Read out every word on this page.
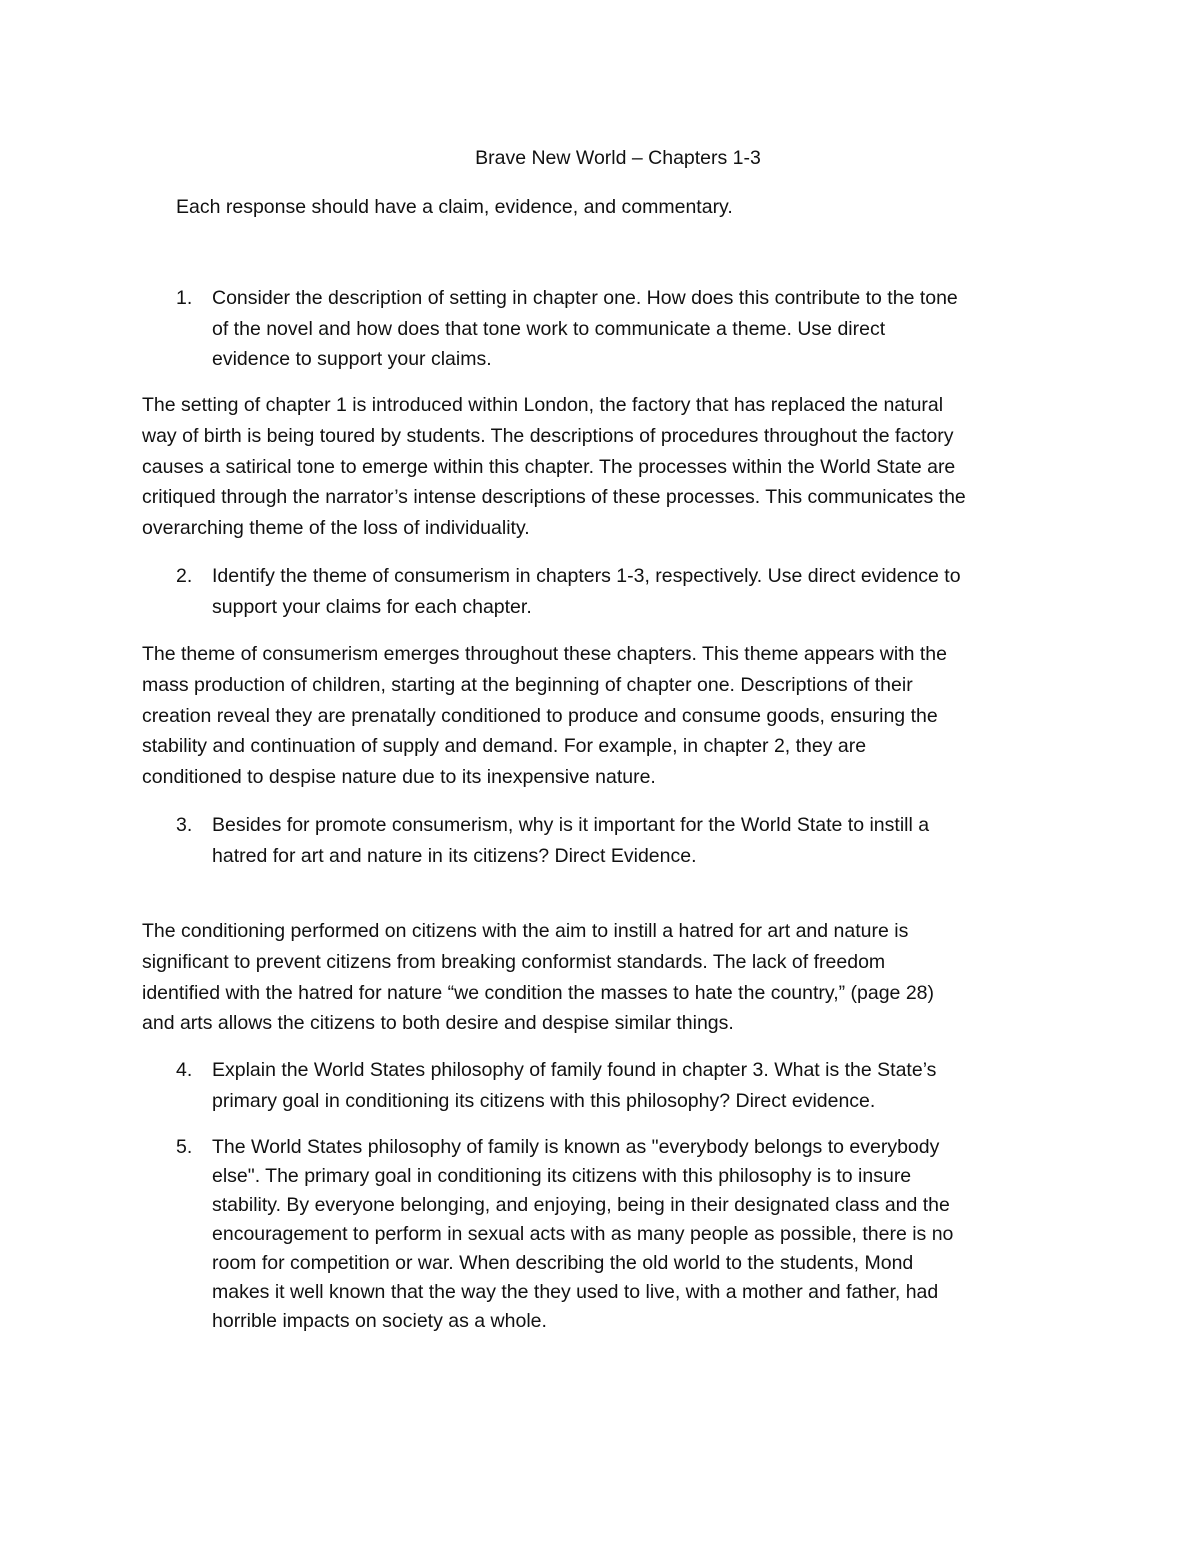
Brave New World – Chapters 1-3

Each response should have a claim, evidence, and commentary.

1.	Consider the description of setting in chapter one. How does this contribute to the tone
of the novel and how does that tone work to communicate a theme. Use direct
evidence to support your claims.
The setting of chapter 1 is introduced within London, the factory that has replaced the natural
way of birth is being toured by students. The descriptions of procedures throughout the factory
causes a satirical tone to emerge within this chapter. The processes within the World State are
critiqued through the narrator’s intense descriptions of these processes. This communicates the
overarching theme of the loss of individuality.
2.	Identify the theme of consumerism in chapters 1-3, respectively. Use direct evidence to
support your claims for each chapter.
The theme of consumerism emerges throughout these chapters. This theme appears with the
mass production of children, starting at the beginning of chapter one. Descriptions of their
creation reveal they are prenatally conditioned to produce and consume goods, ensuring the
stability and continuation of supply and demand. For example, in chapter 2, they are
conditioned to despise nature due to its inexpensive nature.
3.	Besides for promote consumerism, why is it important for the World State to instill a
hatred for art and nature in its citizens? Direct Evidence.
The conditioning performed on citizens with the aim to instill a hatred for art and nature is
significant to prevent citizens from breaking conformist standards. The lack of freedom
identified with the hatred for nature “we condition the masses to hate the country,” (page 28)
and arts allows the citizens to both desire and despise similar things.
4.	Explain the World States philosophy of family found in chapter 3. What is the State’s
primary goal in conditioning its citizens with this philosophy? Direct evidence.
5.	The World States philosophy of family is known as "everybody belongs to everybody
else". The primary goal in conditioning its citizens with this philosophy is to insure
stability. By everyone belonging, and enjoying, being in their designated class and the
encouragement to perform in sexual acts with as many people as possible, there is no
room for competition or war. When describing the old world to the students, Mond
makes it well known that the way the they used to live, with a mother and father, had
horrible impacts on society as a whole.
